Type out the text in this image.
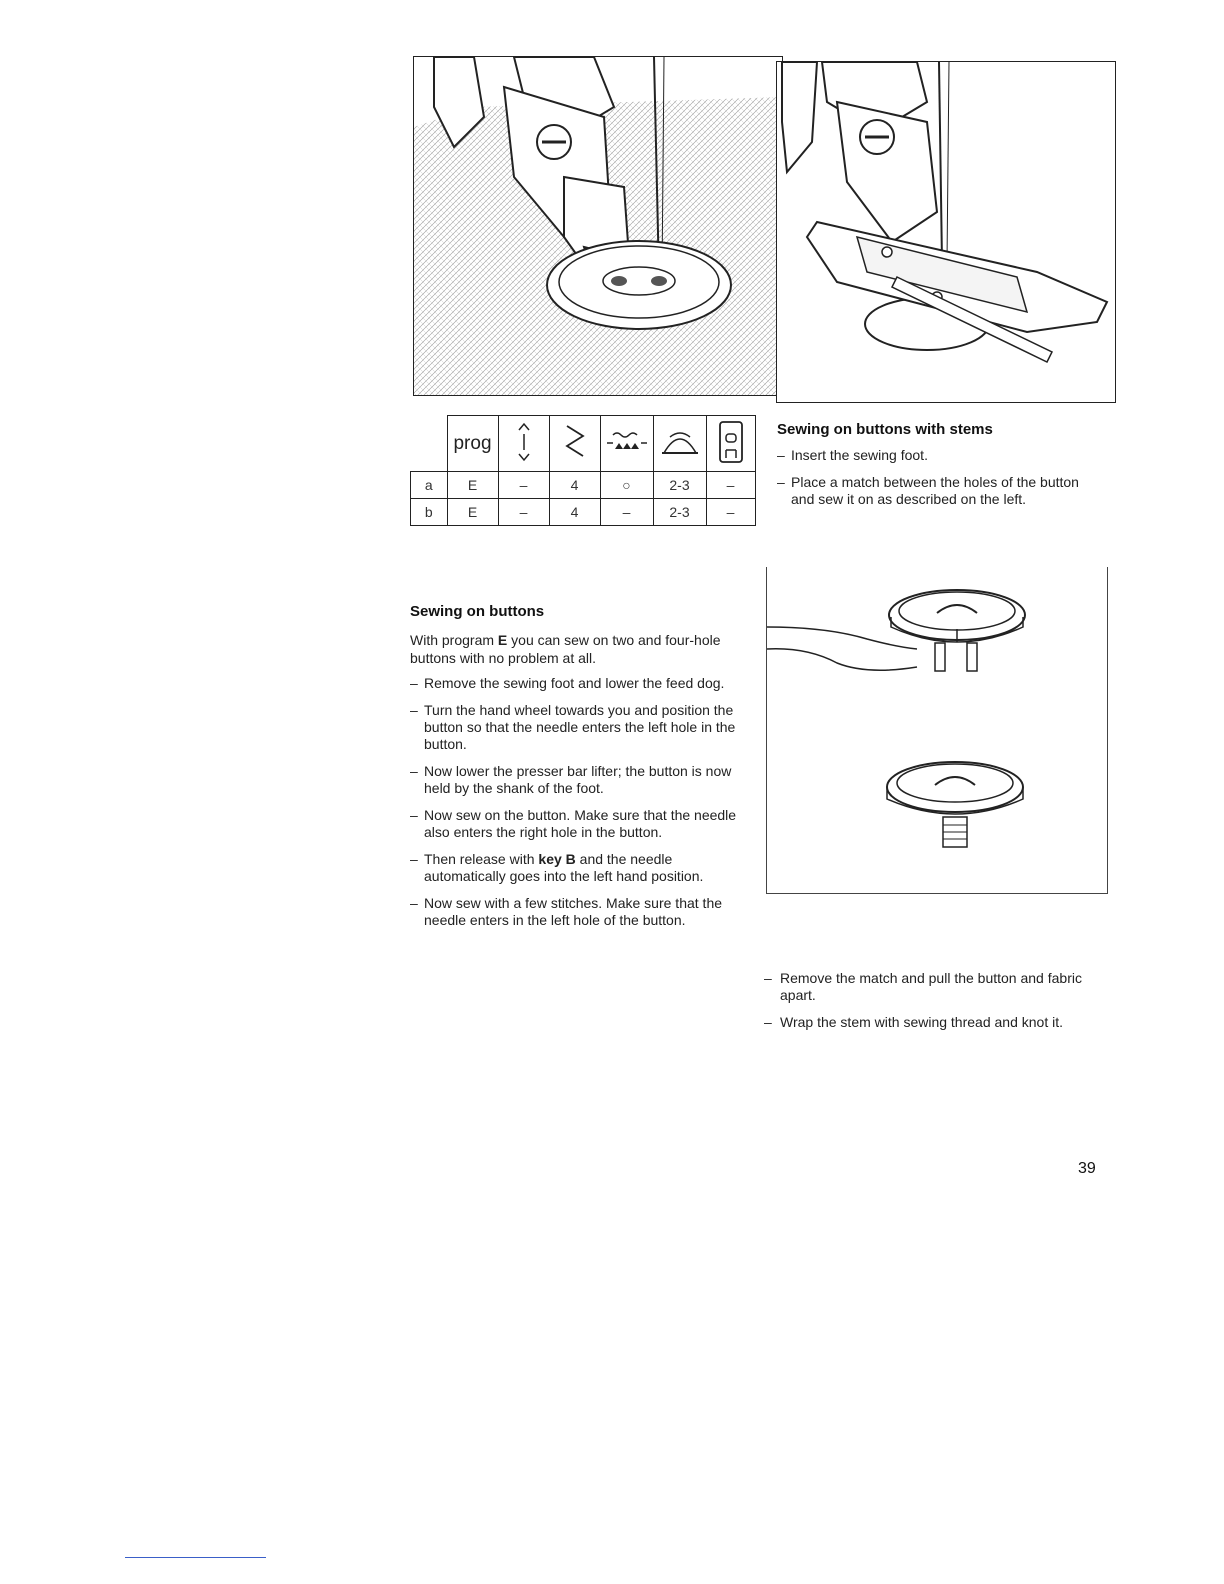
	prog					
a	E	–	4	○	2-3	–
b	E	–	4	–	2-3	–
Sewing on buttons with stems

– Insert the sewing foot.

– Place a match between the holes of the button and sew it on as described on the left.

Sewing on buttons

With program E you can sew on two and four-hole buttons with no problem at all.

– Remove the sewing foot and lower the feed dog.

– Turn the hand wheel towards you and position the button so that the needle enters the left hole in the button.

– Now lower the presser bar lifter; the button is now held by the shank of the foot.

– Now sew on the button. Make sure that the needle also enters the right hole in the button.

– Then release with key B and the needle automatically goes into the left hand position.

– Now sew with a few stitches. Make sure that the needle enters in the left hole of the button.

– Remove the match and pull the button and fabric apart.

– Wrap the stem with sewing thread and knot it.

39
